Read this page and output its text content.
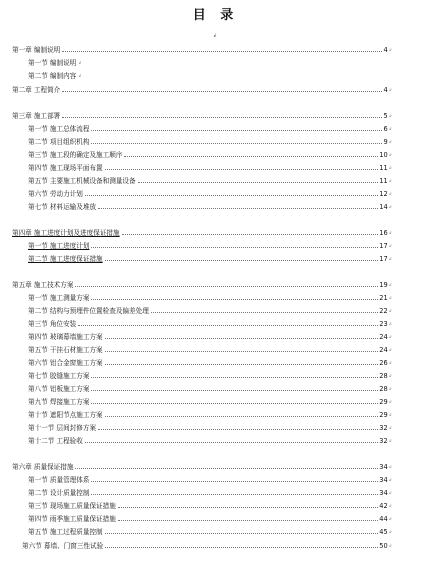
目 录
↲
第一章 编制说明	4 ↲
第一节 编制说明 ↲
第二节 编制内容 ↲
第二章 工程简介	4 ↲
第三章 施工部署	5 ↲
第一节 施工总体流程	6 ↲
第二节 项目组织机构	9 ↲
第三节 施工段的确定及施工顺序	10 ↲
第四节 施工现场平面布置	11 ↲
第五节 主要施工机械设备和测量设备	11 ↲
第六节 劳动力计划	12 ↲
第七节 材料运输及堆放	14 ↲
第四章 施工进度计划及进度保证措施	16 ↲
第一节 施工进度计划	17 ↲
第二节 施工进度保证措施	17 ↲
第五章 施工技术方案	19 ↲
第一节 施工测量方案	21 ↲
第二节 结构与预埋件位置检查及偏差处理	22 ↲
第三节 角位安装	23 ↲
第四节 玻璃幕墙施工方案	24 ↲
第五节 干挂石材施工方案	24 ↲
第六节 铝合金窗施工方案	26 ↲
第七节 胶缝施工方案	28 ↲
第八节 铝板施工方案	28 ↲
第九节 焊接施工方案	29 ↲
第十节 遮阳节点施工方案	29 ↲
第十一节 层间封修方案	32 ↲
第十二节 工程验收	32 ↲
第六章 质量保证措施	34 ↲
第一节 质量管理体系	34 ↲
第二节 设计质量控制	34 ↲
第三节 现场施工质量保证措施	42 ↲
第四节 雨季施工质量保证措施	44 ↲
第五节 施工过程质量控制	45 ↲
第六节 幕墙、门窗三性试验	50 ↲
